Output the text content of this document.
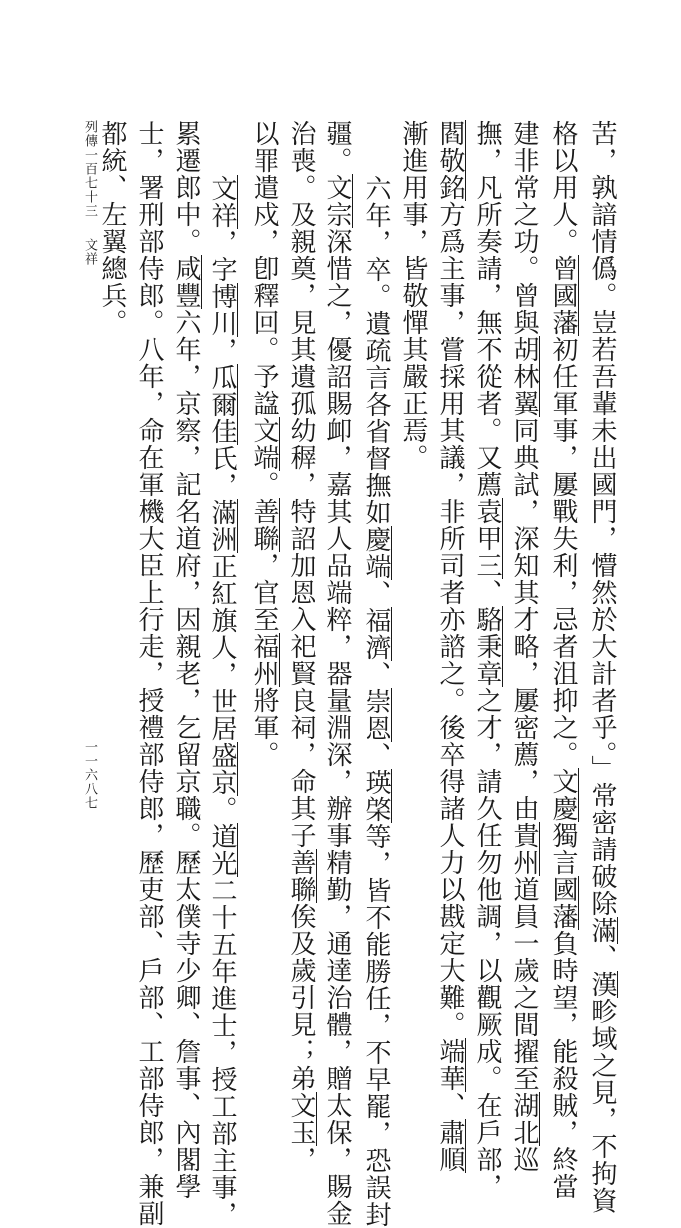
苦，孰諳情僞。豈若吾輩未出國門，懵然於大計者乎。」常密請破除滿、漢畛域之見，不拘資
格以用人。曾國藩初任軍事，屢戰失利，忌者沮抑之。文慶獨言國藩負時望，能殺賊，終當
建非常之功。曾與胡林翼同典試，深知其才略，屢密薦，由貴州道員一歲之間擢至湖北巡
撫，凡所奏請，無不從者。又薦袁甲三、駱秉章之才，請久任勿他調，以觀厥成。在戶部，
閻敬銘方爲主事，嘗採用其議，非所司者亦諮之。後卒得諸人力以戡定大難。端華、肅順
漸進用事，皆敬憚其嚴正焉。
　六年，卒。遺疏言各省督撫如慶端、福濟、崇恩、瑛棨等，皆不能勝任，不早罷，恐誤封
疆。文宗深惜之，優詔賜卹，嘉其人品端粹，器量淵深，辦事精勤，通達治體，贈太保，賜金
治喪。及親奠，見其遺孤幼稺，特詔加恩入祀賢良祠，命其子善聯俟及歲引見；弟文玉，
以罪遣戍，卽釋回。予諡文端。善聯，官至福州將軍。
　文祥，字博川，瓜爾佳氏，滿洲正紅旗人，世居盛京。道光二十五年進士，授工部主事，
累遷郎中。咸豐六年，京察，記名道府，因親老，乞留京職。歷太僕寺少卿、詹事、內閣學
士，署刑部侍郎。八年，命在軍機大臣上行走，授禮部侍郎，歷吏部、戶部、工部侍郎，兼副
都統、左翼總兵。
列傳一百七十三
文祥
一一六八七
